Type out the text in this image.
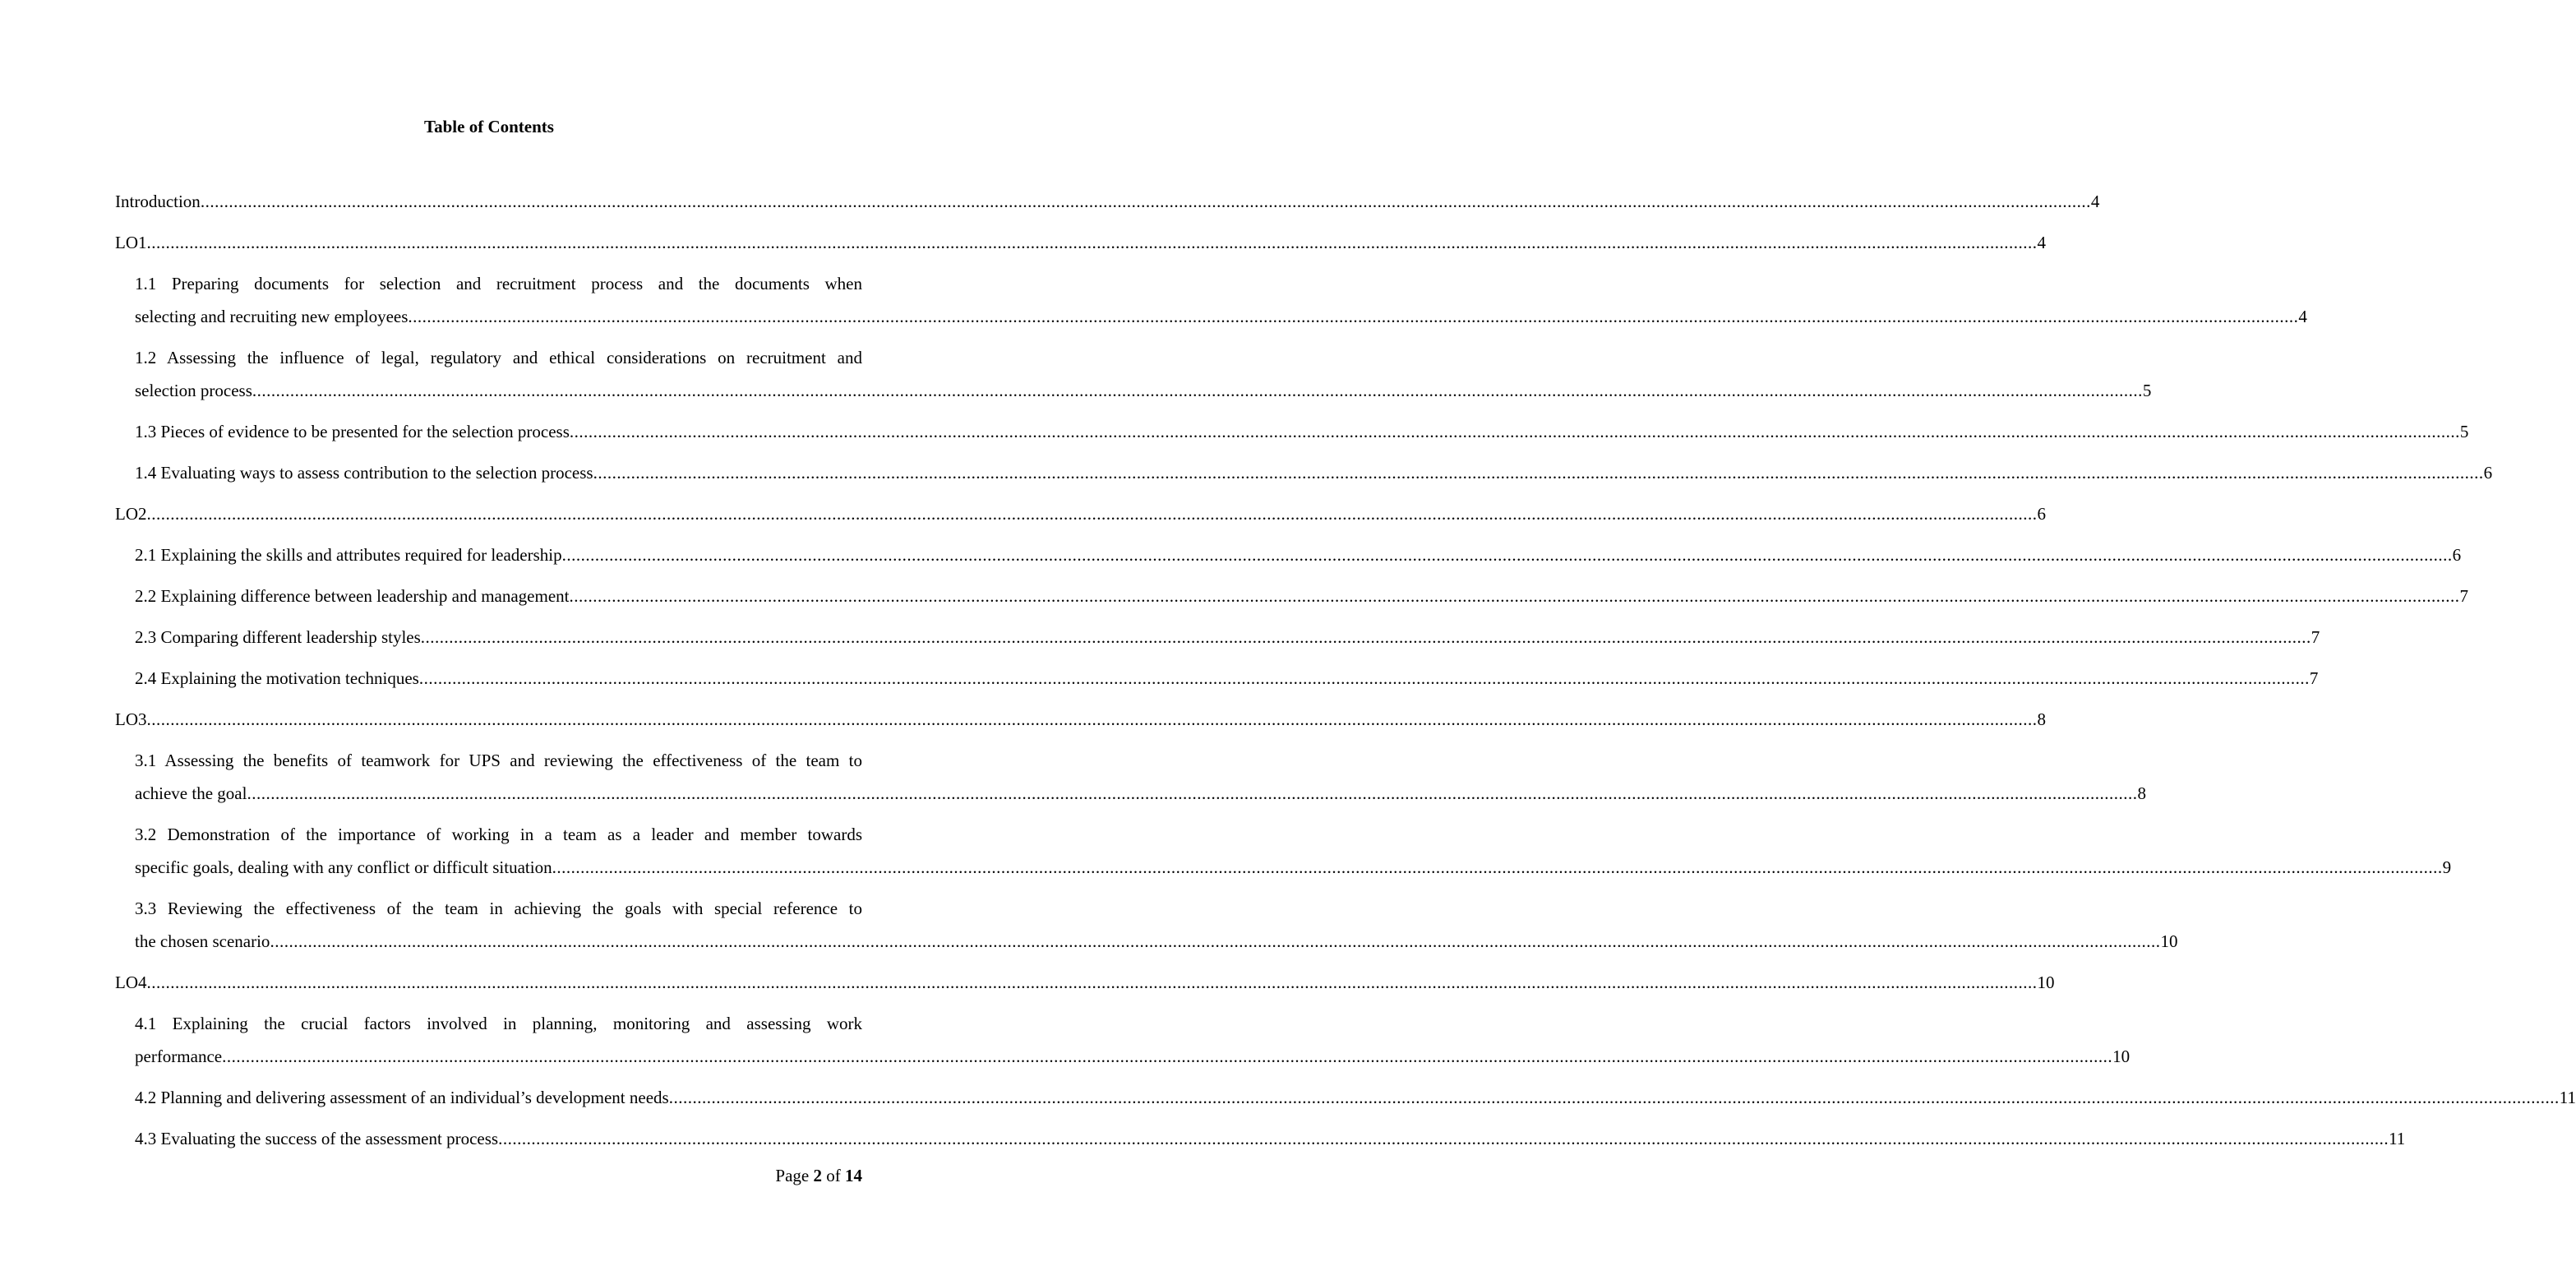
Table of Contents
Introduction ................................................................................................................................................................................................................................................................................................................................................................................................................ 4
LO1 ................................................................................................................................................................................................................................................................................................................................................................................................................ 4
1.1 Preparing documents for selection and recruitment process and the documents when
selecting and recruiting new employees ................................................................................................................................................................................................................................................................................................................................................................................................................ 4
1.2 Assessing the influence of legal, regulatory and ethical considerations on recruitment and
selection process ................................................................................................................................................................................................................................................................................................................................................................................................................ 5
1.3 Pieces of evidence to be presented for the selection process ................................................................................................................................................................................................................................................................................................................................................................................................................ 5
1.4 Evaluating ways to assess contribution to the selection process ................................................................................................................................................................................................................................................................................................................................................................................................................ 6
LO2 ................................................................................................................................................................................................................................................................................................................................................................................................................ 6
2.1 Explaining the skills and attributes required for leadership ................................................................................................................................................................................................................................................................................................................................................................................................................ 6
2.2 Explaining difference between leadership and management ................................................................................................................................................................................................................................................................................................................................................................................................................ 7
2.3 Comparing different leadership styles ................................................................................................................................................................................................................................................................................................................................................................................................................ 7
2.4 Explaining the motivation techniques ................................................................................................................................................................................................................................................................................................................................................................................................................ 7
LO3 ................................................................................................................................................................................................................................................................................................................................................................................................................ 8
3.1 Assessing the benefits of teamwork for UPS and reviewing the effectiveness of the team to
achieve the goal ................................................................................................................................................................................................................................................................................................................................................................................................................ 8
3.2 Demonstration of the importance of working in a team as a leader and member towards
specific goals, dealing with any conflict or difficult situation ................................................................................................................................................................................................................................................................................................................................................................................................................ 9
3.3 Reviewing the effectiveness of the team in achieving the goals with special reference to
the chosen scenario ................................................................................................................................................................................................................................................................................................................................................................................................................ 10
LO4 ................................................................................................................................................................................................................................................................................................................................................................................................................ 10
4.1 Explaining the crucial factors involved in planning, monitoring and assessing work
performance ................................................................................................................................................................................................................................................................................................................................................................................................................ 10
4.2 Planning and delivering assessment of an individual’s development needs ................................................................................................................................................................................................................................................................................................................................................................................................................ 11
4.3 Evaluating the success of the assessment process ................................................................................................................................................................................................................................................................................................................................................................................................................ 11
Page 2 of 14
